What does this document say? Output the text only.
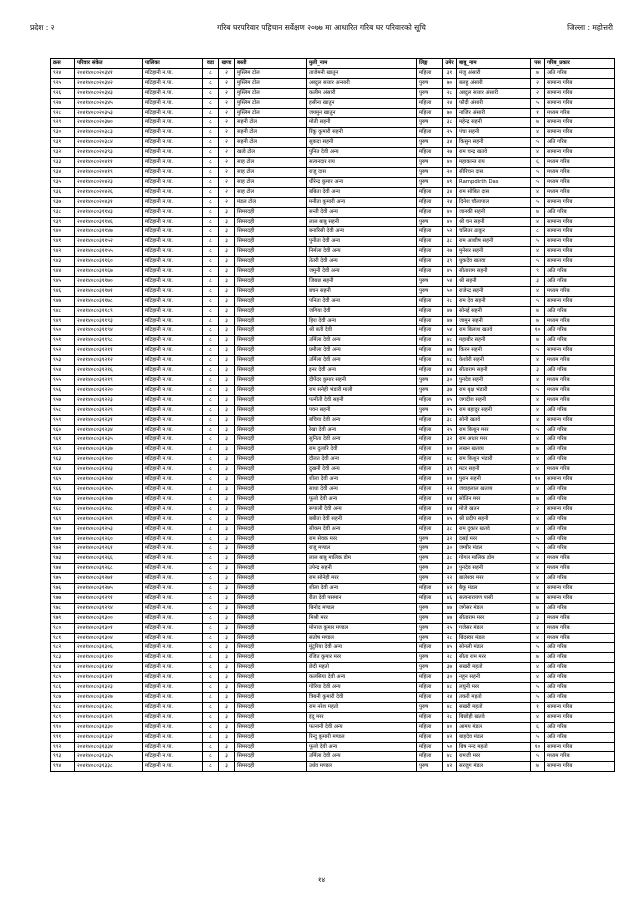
गरिब घरपरिवार पहिचान सर्वेक्षण २०७७ मा आधारित गरिब घर परिवारको सूचि
प्रदेश : २	जिल्ला : महोत्तरी
क्रस	परिवार संकेत	पालिका	वडा	खण्ड	बस्ती	मुली_नाम	लिङ्ग	उमेर	बाबु_नाम	पस	गरिब_प्रकार
९२४	२०४१४०८०२०३४१	मटिहानी न.पा.	८	२	मुस्लिम टोल	ताजेमनी खातुन	महिला	३१	मंजु अंसारी	७	अति गरिब
९२५	२०४१४०८०२०३४२	मटिहानी न.पा.	८	२	मुस्लिम टोल	अब्दुल सत्तार अन्सारी	पुरुष	७०	बलहु अंसारी	२	सामान्य गरिब
९२६	२०४१४०८०२०३४३	मटिहानी न.पा.	८	२	मुस्लिम टोल	कलीम अंसारी	पुरुष	२८	अब्दुल सत्तार अंसारी	२	सामान्य गरिब
९२७	२०४१४०८०२०३४५	मटिहानी न.पा.	८	२	मुस्लिम टोल	हसीना खातुन	महिला	२४	फौदी अंसारी	५	सामान्य गरिब
९२८	२०४१४०८०२०३५३	मटिहानी न.पा.	८	२	मुस्लिम टोल	जयमुन खातुन	महिला	७०	नाजिर अंसारी	१	मध्यम गरिब
९२९	२०४१४०८०२०३७०	मटिहानी न.पा.	८	२	सहनी टोल	मोती सहनी	पुरुष	३८	महेन्द्र सहनी	७	सामान्य गरिब
९३०	२०४१४०८०२०३८३	मटिहानी न.पा.	८	२	सहनी टोल	रिंकु कुमारी सहनी	महिला	२५	पंचा सहनी	४	सामान्य गरिब
९३१	२०४१४०८०२०३८४	मटिहानी न.पा.	८	२	सहनी टोल	सुकदा सहनी	पुरुष	३४	किसुन सहनी	५	अति गरिब
९३२	२०४१४०८०२०३९३	मटिहानी न.पा.	८	२	खत्वे टोल	पुनित देवी अन्य	महिला	२७	राम चन्द्र खतवे	४	सामान्य गरिब
९३३	२०४१४०८०२०४११	मटिहानी न.पा.	८	२	साह टोल	सत्यनदार राय	पुरुष	४०	महाकान्त राय	६	मध्यम गरिब
९३४	२०४१४०८०२०४१९	मटिहानी न.पा.	८	२	साह टोल	राजु दास	पुरुष	२०	सीरिचन दास	५	मध्यम गरिब
९३५	२०४१४०८०२०४२३	मटिहानी न.पा.	८	२	साह टोल	धीरेन्द्र कुमार अन्य	पुरुष	४१	Rampdirth Das	५	मध्यम गरिब
९३६	२०४१४०८०२०४२६	मटिहानी न.पा.	८	२	साह टोल	बबिता देवी अन्य	महिला	३४	राम सोबित दास	४	मध्यम गरिब
९३७	२०४१४०८०२०४३१	मटिहानी न.पा.	८	२	मंडल टोल	मनीता कुमारी अन्य	महिला	२४	दिनेश चौलापाल	५	सामान्य गरिब
९३८	२०४१४०८०३११४३	मटिहानी न.पा.	८	३	सिमरदही	सन्ती देवी अन्य	महिला	४०	जानकी सहनी	७	अति गरिब
९३९	२०४१४०८०३११४६	मटिहानी न.पा.	८	३	सिमरदही	लाल बाबु सहनी	पुरुष	४०	श्री चन सहनी	४	सामान्य गरिब
९४०	२०४१४०८०३११४७	मटिहानी न.पा.	८	३	सिमरदही	बनारिसी देवी अन्य	महिला	५२	चलितर ठाकुर	८	सामान्य गरिब
९४१	२०४१४०८०३११५२	मटिहानी न.पा.	८	३	सिमरदही	पुनीता देवी अन्य	महिला	३८	राम आशीष सहनी	५	सामान्य गरिब
९४२	२०४१४०८०३११५५	मटिहानी न.पा.	८	३	सिमरदही	निर्मला देवी अन्य	महिला	२७	मुनेसर सहनी	४	सामान्य गरिब
९४३	२०४१४०८०३११६०	मटिहानी न.पा.	८	३	सिमरदही	तेतरी देवी अन्य	महिला	३९	धुकदेव खतवा	५	सामान्य गरिब
९४४	२०४१४०८०३११६७	मटिहानी न.पा.	८	३	सिमरदही	जमुनी देवी अन्य	महिला	४५	सीताराम सहनी	९	अति गरिब
९४५	२०४१४०८०३११७०	मटिहानी न.पा.	८	३	सिमरदही	जिबछ सहनी	पुरुष	५४	श्री सहनी	३	अति गरिब
९४६	२०४१४०८०३११७१	मटिहानी न.पा.	८	३	सिमरदही	बचन सहनी	पुरुष	५०	राजेन्द्र सहनी	४	मध्यम गरिब
९४७	२०४१४०८०३११७८	मटिहानी न.पा.	८	३	सिमरदही	पनिता देवी अन्य	महिला	२८	राम देव सहनी	५	सामान्य गरिब
९४८	२०४१४०८०३११८९	मटिहानी न.पा.	८	३	सिमरदही	जगिया देवी	महिला	४७	सोनई सहनी	७	अति गरिब
९४९	२०४१४०८०३११९३	मटिहानी न.पा.	८	३	सिमरदही	हिरा देवी अन्य	महिला	४७	जामुन सहनी	७	मध्यम गरिब
९५०	२०४१४०८०३११९४	मटिहानी न.पा.	८	३	सिमरदही	श्री बती देवी	महिला	५४	राम बिलाश खतवे	१०	अति गरिब
९५१	२०४१४०८०३११९८	मटिहानी न.पा.	८	३	सिमरदही	उर्मिला देवी अन्य	महिला	४८	महाबीर सहनी	७	अति गरिब
९५२	२०४१४०८०३१२११	मटिहानी न.पा.	८	३	सिमरदही	प्रमीला देवी अन्य	महिला	४७	किरन सहनी	५	सामान्य गरिब
९५३	२०४१४०८०३१२१२	मटिहानी न.पा.	८	३	सिमरदही	उर्मिला देवी अन्य	महिला	४८	केशोरी सहनी	४	मध्यम गरिब
९५४	२०४१४०८०३१२१६	मटिहानी न.पा.	८	३	सिमरदही	इनर देवी अन्य	महिला	४४	सीताराम सहनी	३	अति गरिब
९५५	२०४१४०८०३१२१९	मटिहानी न.पा.	८	३	सिमरदही	दीपेंदर कुमार सहनी	पुरुष	३०	पुनदेव सहनी	४	मध्यम गरिब
९५६	२०४१४०८०३१२२०	मटिहानी न.पा.	८	३	सिमरदही	राम सनेही भंडारी माली	पुरुष	३७	राम बृक्ष भंडारी	५	मध्यम गरिब
९५७	२०४१४०८०३१२२३	मटिहानी न.पा.	८	३	सिमरदही	पत्नीती देवी सहनी	महिला	४५	जगदीश सहनी	४	मध्यम गरिब
९५८	२०४१४०८०३१२२९	मटिहानी न.पा.	८	३	सिमरदही	पवन सहनी	पुरुष	२५	राम बहादुर सहनी	४	अति गरिब
९५९	२०४१४०८०३१२३१	मटिहानी न.पा.	८	३	सिमरदही	बचिया देवी अन्य	महिला	३८	सोनी खतवे	४	सामान्य गरिब
९६०	२०४१४०८०३१२३४	मटिहानी न.पा.	८	३	सिमरदही	रेखा देवी अन्य	महिला	२५	राम किशुन मरर	५	अति गरिब
९६१	२०४१४०८०३१२३५	मटिहानी न.पा.	८	३	सिमरदही	सुनिता देवी अन्य	महिला	३२	राम अधार मरर	४	अति गरिब
९६२	२०४१४०८०३१२३७	मटिहानी न.पा.	८	३	सिमरदही	राम दुलारि देवी	महिला	४०	लखन खतव्य	७	अति गरिब
९६३	२०४१४०८०३१२४०	मटिहानी न.पा.	८	३	सिमरदही	दौलत देवी अन्य	महिला	४८	राम किशुन भंडारी	४	अति गरिब
९६४	२०४१४०८०३१२४३	मटिहानी न.पा.	८	३	सिमरदही	दुखनी देवी अन्य	महिला	३९	मटर सहनी	४	मध्यम गरिब
९६५	२०४१४०८०३१२४४	मटिहानी न.पा.	८	३	सिमरदही	शीला देवी अन्य	महिला	४०	पुरान सहनी	१०	सामान्य गरिब
९६६	२०४१४०८०३१२४५	मटिहानी न.पा.	८	३	सिमरदही	साधा देवी अन्य	महिला	२२	जवाहलाल खतव्य	४	अति गरिब
९६७	२०४१४०८०३१२४७	मटिहानी न.पा.	८	३	सिमरदही	फूलो देवी अन्य	महिला	४४	सोतिन मरर	७	अति गरिब
९६८	२०४१४०८०३१२४८	मटिहानी न.पा.	८	३	सिमरदही	रूपाली देवी अन्य	महिला	४४	मोजे खतन	२	सामान्य गरिब
९६९	२०४१४०८०३१२४९	मटिहानी न.पा.	८	३	सिमरदही	बबीता देवी सहनी	महिला	४५	श्री प्रदीप सहनी	४	अति गरिब
९७०	२०४१४०८०३१२५३	मटिहानी न.पा.	८	३	सिमरदही	सीकम देवी अन्य	महिला	३८	राम दुकार खतवे	४	अति गरिब
९७१	२०४१४०८०३१२६०	मटिहानी न.पा.	८	३	सिमरदही	राम सेवक मरर	पुरुष	३२	दसई मरर	५	अति गरिब
९७२	२०४१४०८०३१२६१	मटिहानी न.पा.	८	३	सिमरदही	राजु मण्डल	पुरुष	३०	जग्बीर मंडल	५	अति गरिब
९७३	२०४१४०८०३१२६६	मटिहानी न.पा.	८	३	सिमरदही	लाल बाबु मालिक डोम	पुरुष	३८	गोगल मालिक डोम	४	मध्यम गरिब
९७४	२०४१४०८०३१२६८	मटिहानी न.पा.	८	३	सिमरदही	उपेन्द्र सहनी	पुरुष	३०	पुनदेव सहनी	४	मध्यम गरिब
९७५	२०४१४०८०३१२७१	मटिहानी न.पा.	८	३	सिमरदही	राम सोनेही मरर	पुरुष	२२	बालेश्वर मरर	४	अति गरिब
९७६	२०४१४०८०३१२७५	मटिहानी न.पा.	८	३	सिमरदही	शीला देवी अन्य	महिला	४२	बैकू मंडल	४	सामान्य गरिब
९७७	२०४१४०८०३१२९१	मटिहानी न.पा.	८	३	सिमरदही	रीता देवी पसमान	महिला	४६	सत्यनारायण पासी	७	सामान्य गरिब
९७८	२०४१४०८०३१२९४	मटिहानी न.पा.	८	३	सिमरदही	बिनोद मण्डल	पुरुष	४७	जगेसर मंडल	७	अति गरिब
९७९	२०४१४०८०३१३००	मटिहानी न.पा.	८	३	सिमरदही	मिश्री मरर	पुरुष	४७	सीताराम मरर	३	मध्यम गरिब
९८०	२०४१४०८०३१३०१	मटिहानी न.पा.	८	३	सिमरदही	मोनाज कुमार मण्डल	पुरुष	२५	गजेसर मंडल	४	मध्यम गरिब
९८१	२०४१४०८०३१३०४	मटिहानी न.पा.	८	३	सिमरदही	संतोष मण्डल	पुरुष	२८	बिंदस्वर मंडल	४	मध्यम गरिब
९८२	२०४१४०८०३१३०६	मटिहानी न.पा.	८	३	सिमरदही	मुंटुरिया देवी अन्य	महिला	४५	सोनली मंडल	५	अति गरिब
९८३	२०४१४०८०३१३१०	मटिहानी न.पा.	८	३	सिमरदही	रंजित कुमार मरर	पुरुष	२८	सीता राम मरर	७	अति गरिब
९८४	२०४१४०८०३१३१४	मटिहानी न.पा.	८	३	सिमरदही	छेदी महतो	पुरुष	३७	सखरी महतो	४	अति गरिब
९८५	२०४१४०८०३१३२१	मटिहानी न.पा.	८	३	सिमरदही	कलसिया देवी अन्य	महिला	३०	नहुन सहनी	४	अति गरिब
९८६	२०४१४०८०३१३२३	मटिहानी न.पा.	८	३	सिमरदही	गोरिया देवी अन्य	महिला	४८	लघुनी मरर	५	अति गरिब
९८७	२०४१४०८०३१३२७	मटिहानी न.पा.	८	३	सिमरदही	त्रिबनी कुमारी देवी	महिला	२४	तकरी महतो	५	अति गरिब
९८८	२०४१४०८०३१३२८	मटिहानी न.पा.	८	३	सिमरदही	राम नरेश महतो	पुरुष	४८	सखरी महतो	१	सामान्य गरिब
९८९	२०४१४०८०३१३२९	मटिहानी न.पा.	८	३	सिमरदही	इंदु मरर	महिला	२८	बिछोही खतवे	४	सामान्य गरिब
९९०	२०४१४०८०३१३३०	मटिहानी न.पा.	८	३	सिमरदही	फत्नानी देवी अन्य	महिला	४०	आमय मंडल	६	अति गरिब
९९१	२०४१४०८०३१३३२	मटिहानी न.पा.	८	३	सिमरदही	रिन्दु कुमारी मण्डल	महिला	४२	बाहदेव मंडल	५	अति गरिब
९९२	२०४१४०८०३१३३४	मटिहानी न.पा.	८	३	सिमरदही	फूलो देवी अन्य	महिला	५०	बिष नन्द महतो	१०	सामान्य गरिब
९९३	२०४१४०८०३१३३५	मटिहानी न.पा.	८	३	सिमरदही	उर्मिला देवी अन्य	महिला	४८	रामजी मरर	५	मध्यम गरिब
९९४	२०४१४०८०३१३३८	मटिहानी न.पा.	८	३	सिमरदही	उर्धव मण्डल	पुरुष	४२	सरजुग मंडल	७	सामान्य गरिब
१४
